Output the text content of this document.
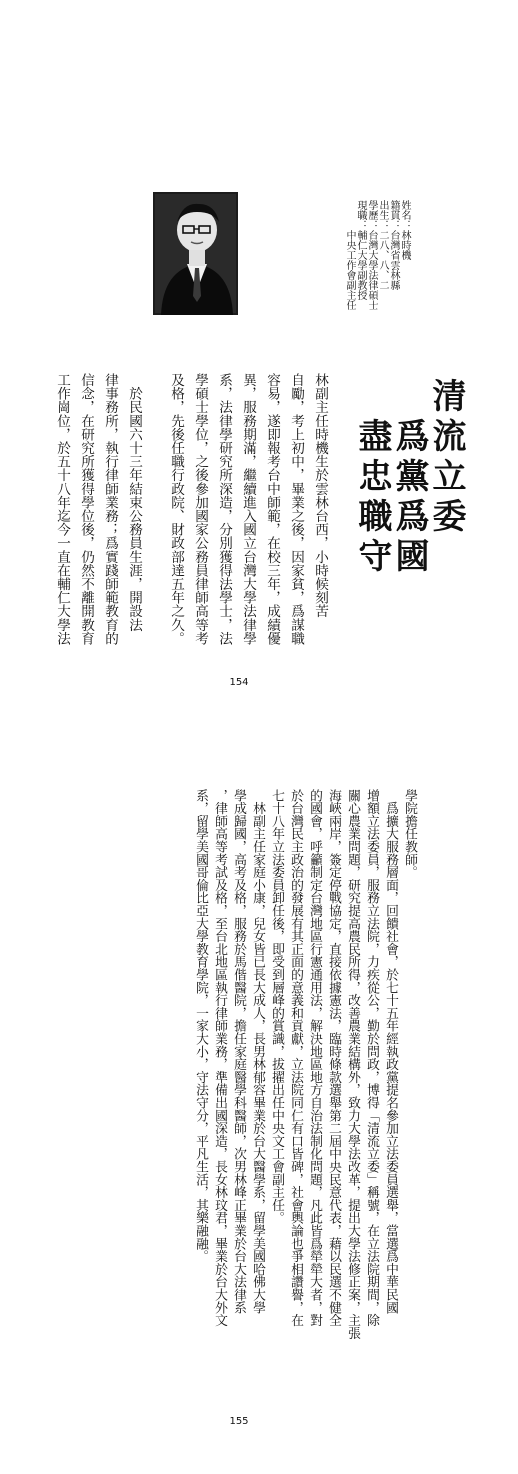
姓名：林時機
籍貫：台灣省雲林縣
出生：二八、八、二
學歷：台灣大學法律碩士
現職：輔仁大學副教授
　　　中央工作會副主任
清流立委
爲黨爲國
盡忠職守
林副主任時機生於雲林台西，小時候刻苦
自勵，考上初中，畢業之後，因家貧，爲謀職
容易，遂即報考台中師範，在校三年，成績優
異，服務期滿，繼續進入國立台灣大學法律學
系，法律學研究所深造，分別獲得法學士，法
學碩士學位，之後參加國家公務員律師高等考
及格，先後任職行政院、財政部達五年之久。
　於民國六十三年結束公務員生涯，開設法
律事務所，執行律師業務；爲實踐師範教育的
信念，在研究所獲得學位後，仍然不離開教育
工作崗位，於五十八年迄今一直在輔仁大學法
154
學院擔任教師。
　爲擴大服務層面，回饋社會，於七十五年經執政黨提名參加立法委員選舉，當選爲中華民國
增額立法委員，服務立法院，力疾從公，勤於問政，博得「清流立委」稱號，在立法院期間，除
關心農業問題，研究提高農民所得，改善農業結構外，致力大學法改革，提出大學法修正案，主張
海峽兩岸，簽定停戰協定，直接依據憲法，臨時條款選舉第二屆中央民意代表，藉以民選不健全
的國會，呼籲制定台灣地區行憲通用法，解決地區地方自治法制化問題，凡此皆爲犖犖大者，對
於台灣民主政治的發展有其正面的意義和貢獻，立法院同仁有口皆碑，社會輿論也爭相讚譽，在
七十八年立法委員卸任後，即受到層峰的賞識，拔擢出任中央文工會副主任。
　林副主任家庭小康，兒女皆已長大成人，長男林郁容畢業於台大醫學系，留學美國哈佛大學
學成歸國，高考及格，服務於馬偕醫院，擔任家庭醫學科醫師，次男林峰正畢業於台大法律系
，律師高等考試及格，至台北地區執行律師業務，準備出國深造，長女林玟君，畢業於台大外文
系，留學美國哥倫比亞大學教育學院，一家大小，守法守分，平凡生活，其樂融融。
155
